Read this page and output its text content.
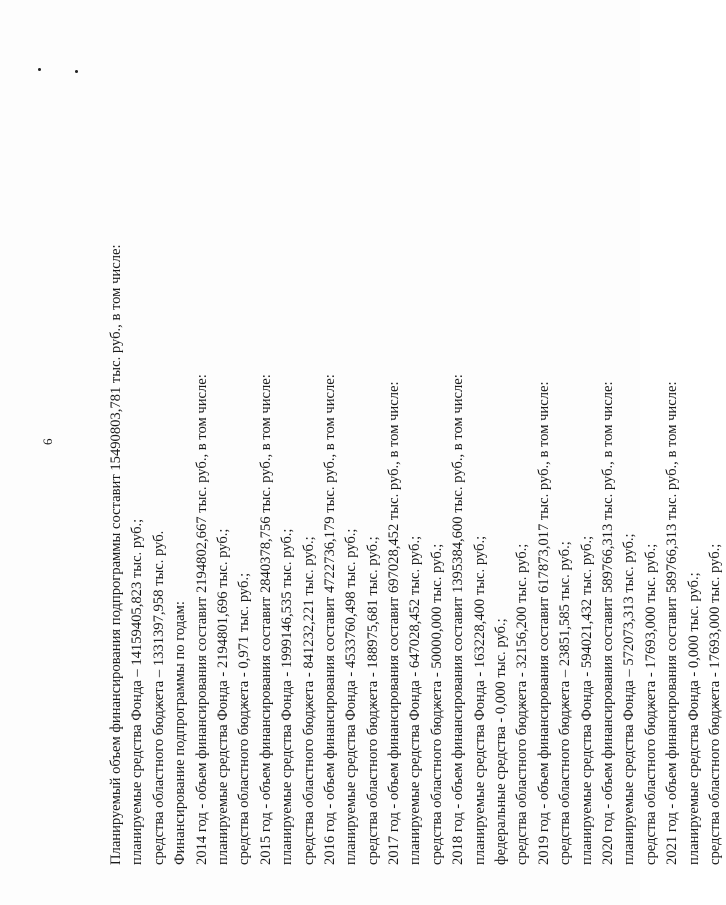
6	Планируемый объем финансирования подпрограммы составит 15490803,781 тыс. руб., в том числе: планируемые средства Фонда – 14159405,823 тыс. руб.; средства областного бюджета – 1331397,958 тыс. руб. Финансирование подпрограммы по годам: 2014 год - объем финансирования составит 2194802,667 тыс. руб., в том числе: планируемые средства Фонда - 2194801,696 тыс. руб.; средства областного бюджета - 0,971 тыс. руб.; 2015 год - объем финансирования составит 2840378,756 тыс. руб., в том числе: планируемые средства Фонда - 1999146,535 тыс. руб.; средства областного бюджета - 841232,221 тыс. руб.; 2016 год - объем финансирования составит 4722736,179 тыс. руб., в том числе: планируемые средства Фонда - 4533760,498 тыс. руб.; средства областного бюджета - 188975,681 тыс. руб.; 2017 год - объем финансирования составит 697028,452 тыс. руб., в том числе: планируемые средства Фонда - 647028,452 тыс. руб.; средства областного бюджета - 50000,000 тыс. руб.; 2018 год - объем финансирования составит 1395384,600 тыс. руб., в том числе: планируемые средства Фонда - 163228,400 тыс. руб.; федеральные средства - 0,000 тыс. руб.; средства областного бюджета - 32156,200 тыс. руб.; 2019 год - объем финансирования составит 617873,017 тыс. руб., в том числе: средства областного бюджета – 23851,585 тыс. руб.; планируемые средства Фонда - 594021,432 тыс. руб.; 2020 год - объем финансирования составит 589766,313 тыс. руб., в том числе: планируемые средства Фонда – 572073,313 тыс. руб.; средства областного бюджета - 17693,000 тыс. руб.; 2021 год - объем финансирования составит 589766,313 тыс. руб., в том числе: планируемые средства Фонда - 0,000 тыс. руб.; средства областного бюджета - 17693,000 тыс. руб.;
